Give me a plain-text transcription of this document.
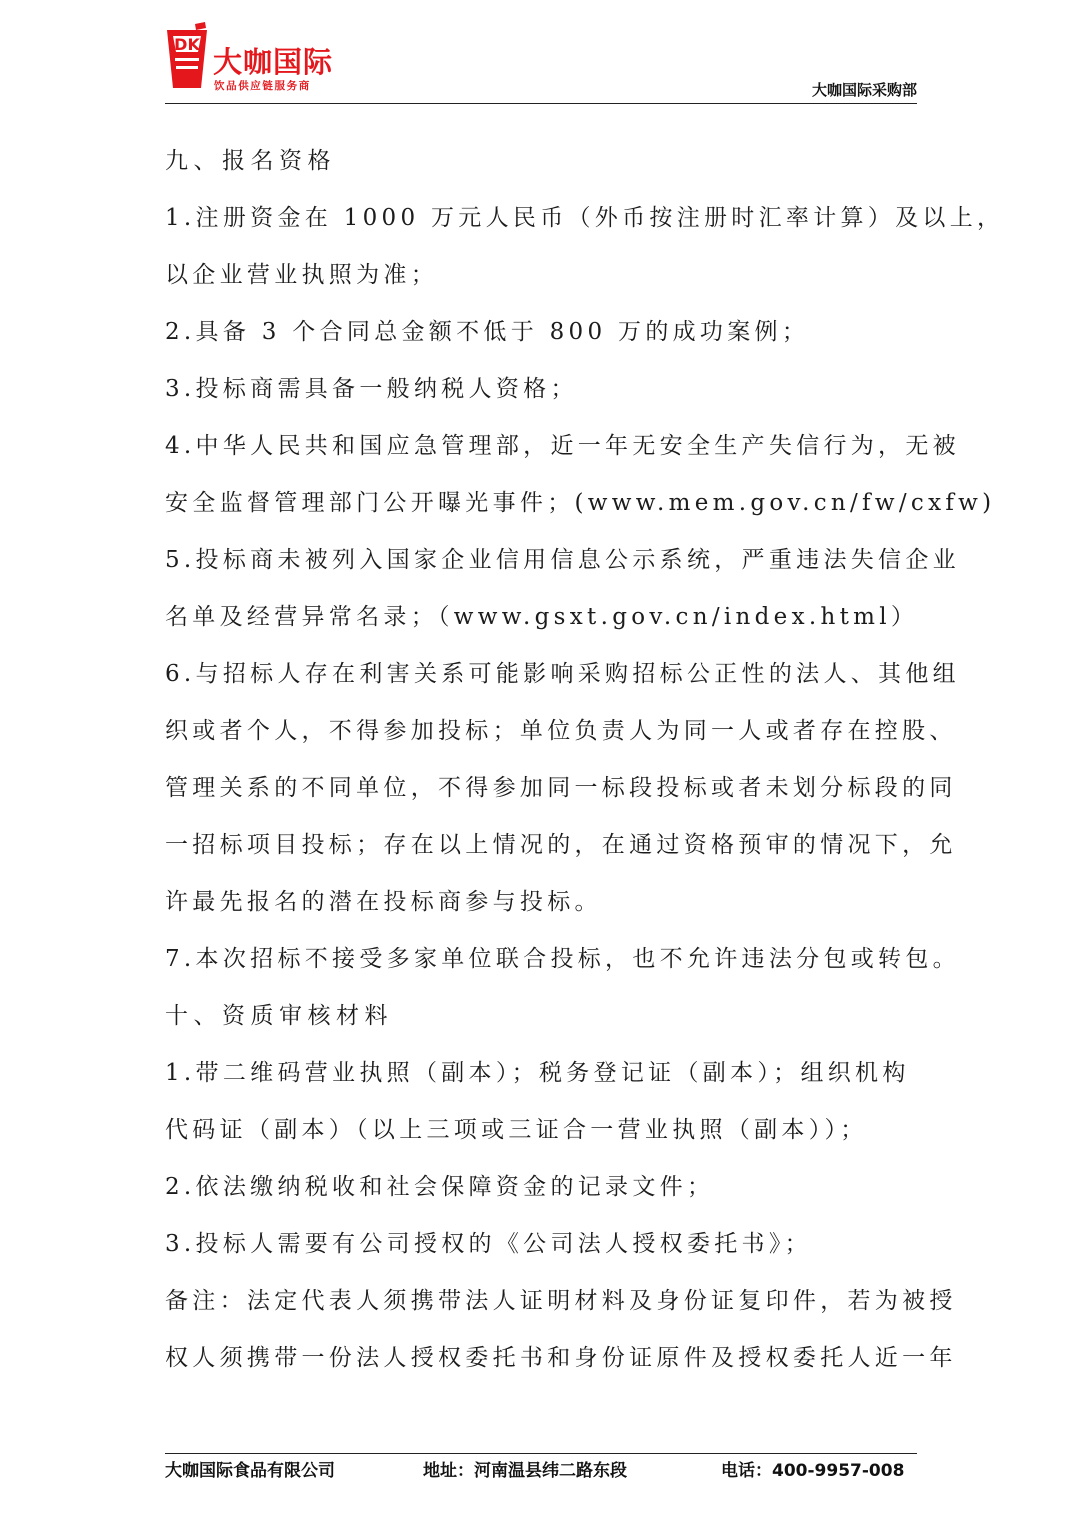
DK
大咖国际
饮品供应链服务商	大咖国际采购部
九、报名资格
1.注册资金在 1000 万元人民币（外币按注册时汇率计算）及以上，
以企业营业执照为准；
2.具备 3 个合同总金额不低于 800 万的成功案例；
3.投标商需具备一般纳税人资格；
4.中华人民共和国应急管理部，近一年无安全生产失信行为，无被
安全监督管理部门公开曝光事件；(www.mem.gov.cn/fw/cxfw)
5.投标商未被列入国家企业信用信息公示系统，严重违法失信企业
名单及经营异常名录；（www.gsxt.gov.cn/index.html）
6.与招标人存在利害关系可能影响采购招标公正性的法人、其他组
织或者个人，不得参加投标；单位负责人为同一人或者存在控股、
管理关系的不同单位，不得参加同一标段投标或者未划分标段的同
一招标项目投标；存在以上情况的，在通过资格预审的情况下，允
许最先报名的潜在投标商参与投标。
7.本次招标不接受多家单位联合投标，也不允许违法分包或转包。
十、资质审核材料
1.带二维码营业执照（副本）；税务登记证（副本）；组织机构
代码证（副本）（以上三项或三证合一营业执照（副本））；
2.依法缴纳税收和社会保障资金的记录文件；
3.投标人需要有公司授权的《公司法人授权委托书》；
备注：法定代表人须携带法人证明材料及身份证复印件，若为被授
权人须携带一份法人授权委托书和身份证原件及授权委托人近一年
大咖国际食品有限公司	地址：河南温县纬二路东段	电话：400-9957-008
